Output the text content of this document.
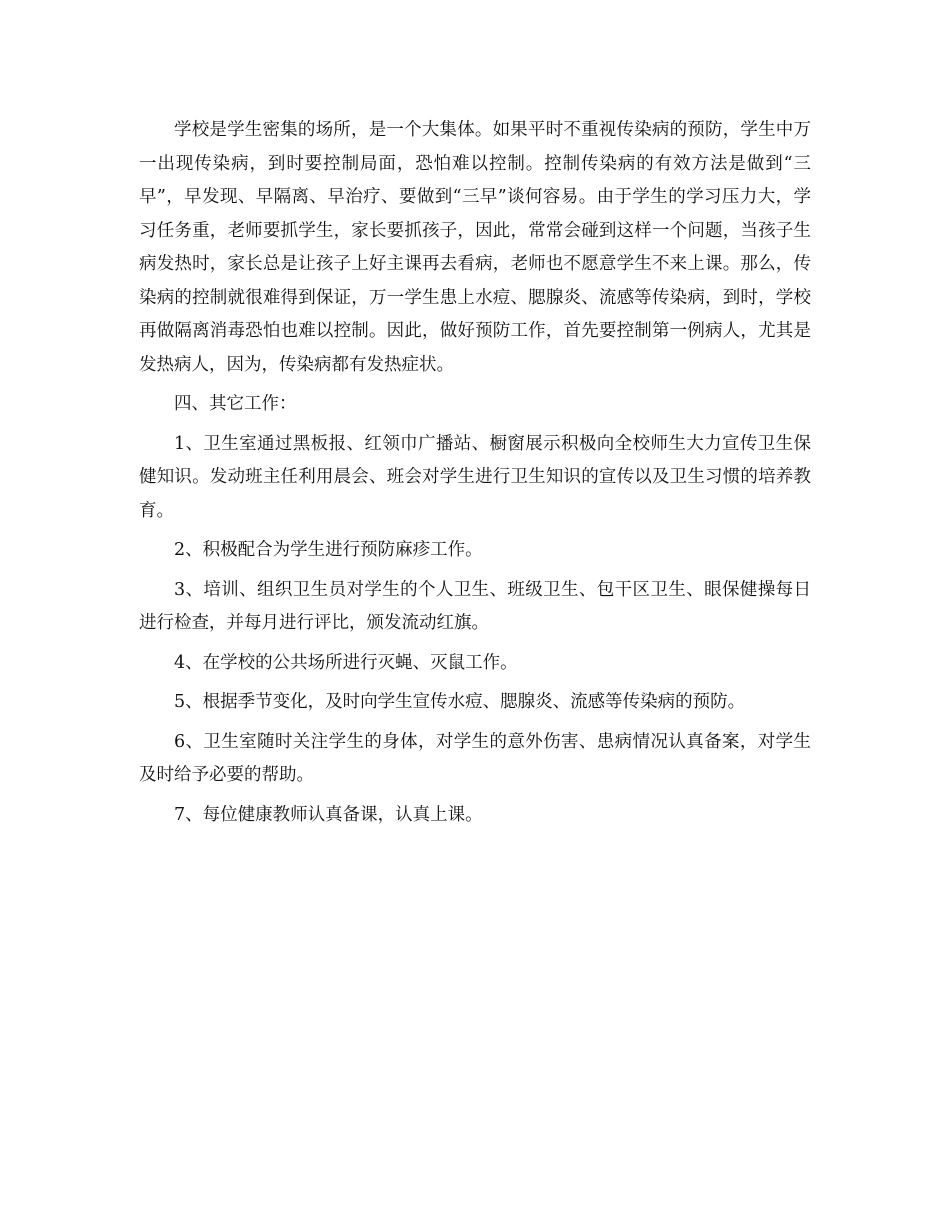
学校是学生密集的场所，是一个大集体。如果平时不重视传染病的预防，学生中万一出现传染病，到时要控制局面，恐怕难以控制。控制传染病的有效方法是做到“三早”，早发现、早隔离、早治疗、要做到“三早”谈何容易。由于学生的学习压力大，学习任务重，老师要抓学生，家长要抓孩子，因此，常常会碰到这样一个问题，当孩子生病发热时，家长总是让孩子上好主课再去看病，老师也不愿意学生不来上课。那么，传染病的控制就很难得到保证，万一学生患上水痘、腮腺炎、流感等传染病，到时，学校再做隔离消毒恐怕也难以控制。因此，做好预防工作，首先要控制第一例病人，尤其是发热病人，因为，传染病都有发热症状。

四、其它工作：

1、卫生室通过黑板报、红领巾广播站、橱窗展示积极向全校师生大力宣传卫生保健知识。发动班主任利用晨会、班会对学生进行卫生知识的宣传以及卫生习惯的培养教育。

2、积极配合为学生进行预防麻疹工作。

3、培训、组织卫生员对学生的个人卫生、班级卫生、包干区卫生、眼保健操每日进行检查，并每月进行评比，颁发流动红旗。

4、在学校的公共场所进行灭蝇、灭鼠工作。

5、根据季节变化，及时向学生宣传水痘、腮腺炎、流感等传染病的预防。

6、卫生室随时关注学生的身体，对学生的意外伤害、患病情况认真备案，对学生及时给予必要的帮助。

7、每位健康教师认真备课，认真上课。
